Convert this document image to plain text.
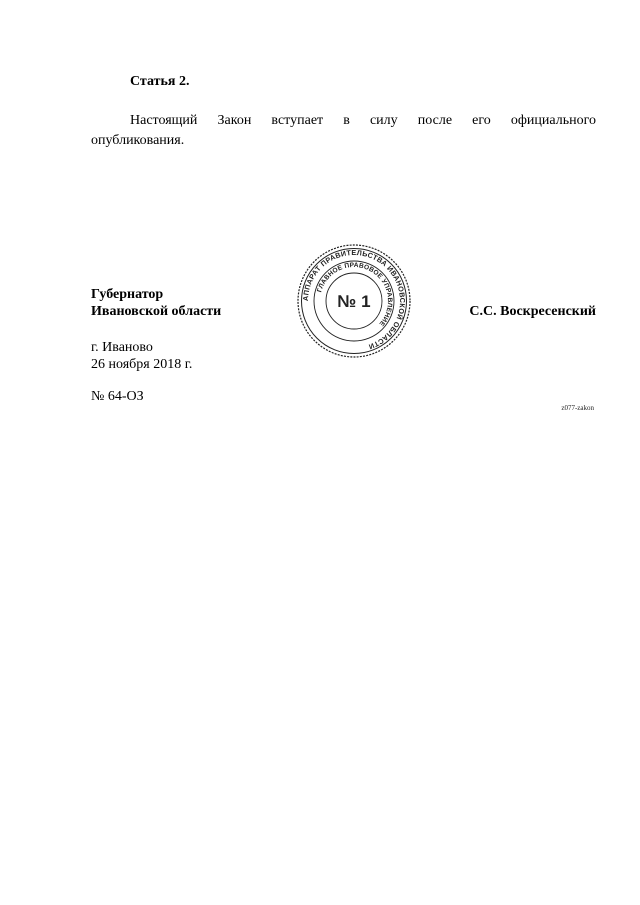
Статья 2.
Настоящий Закон вступает в силу после его официального
опубликования.
Губернатор
Ивановской области
АППАРАТ ПРАВИТЕЛЬСТВА ИВАНОВСКОЙ ОБЛАСТИ
ГЛАВНОЕ ПРАВОВОЕ УПРАВЛЕНИЕ
№ 1
С.С. Воскресенский
г. Иваново
26 ноября 2018 г.
№ 64-ОЗ
z077-zakon
